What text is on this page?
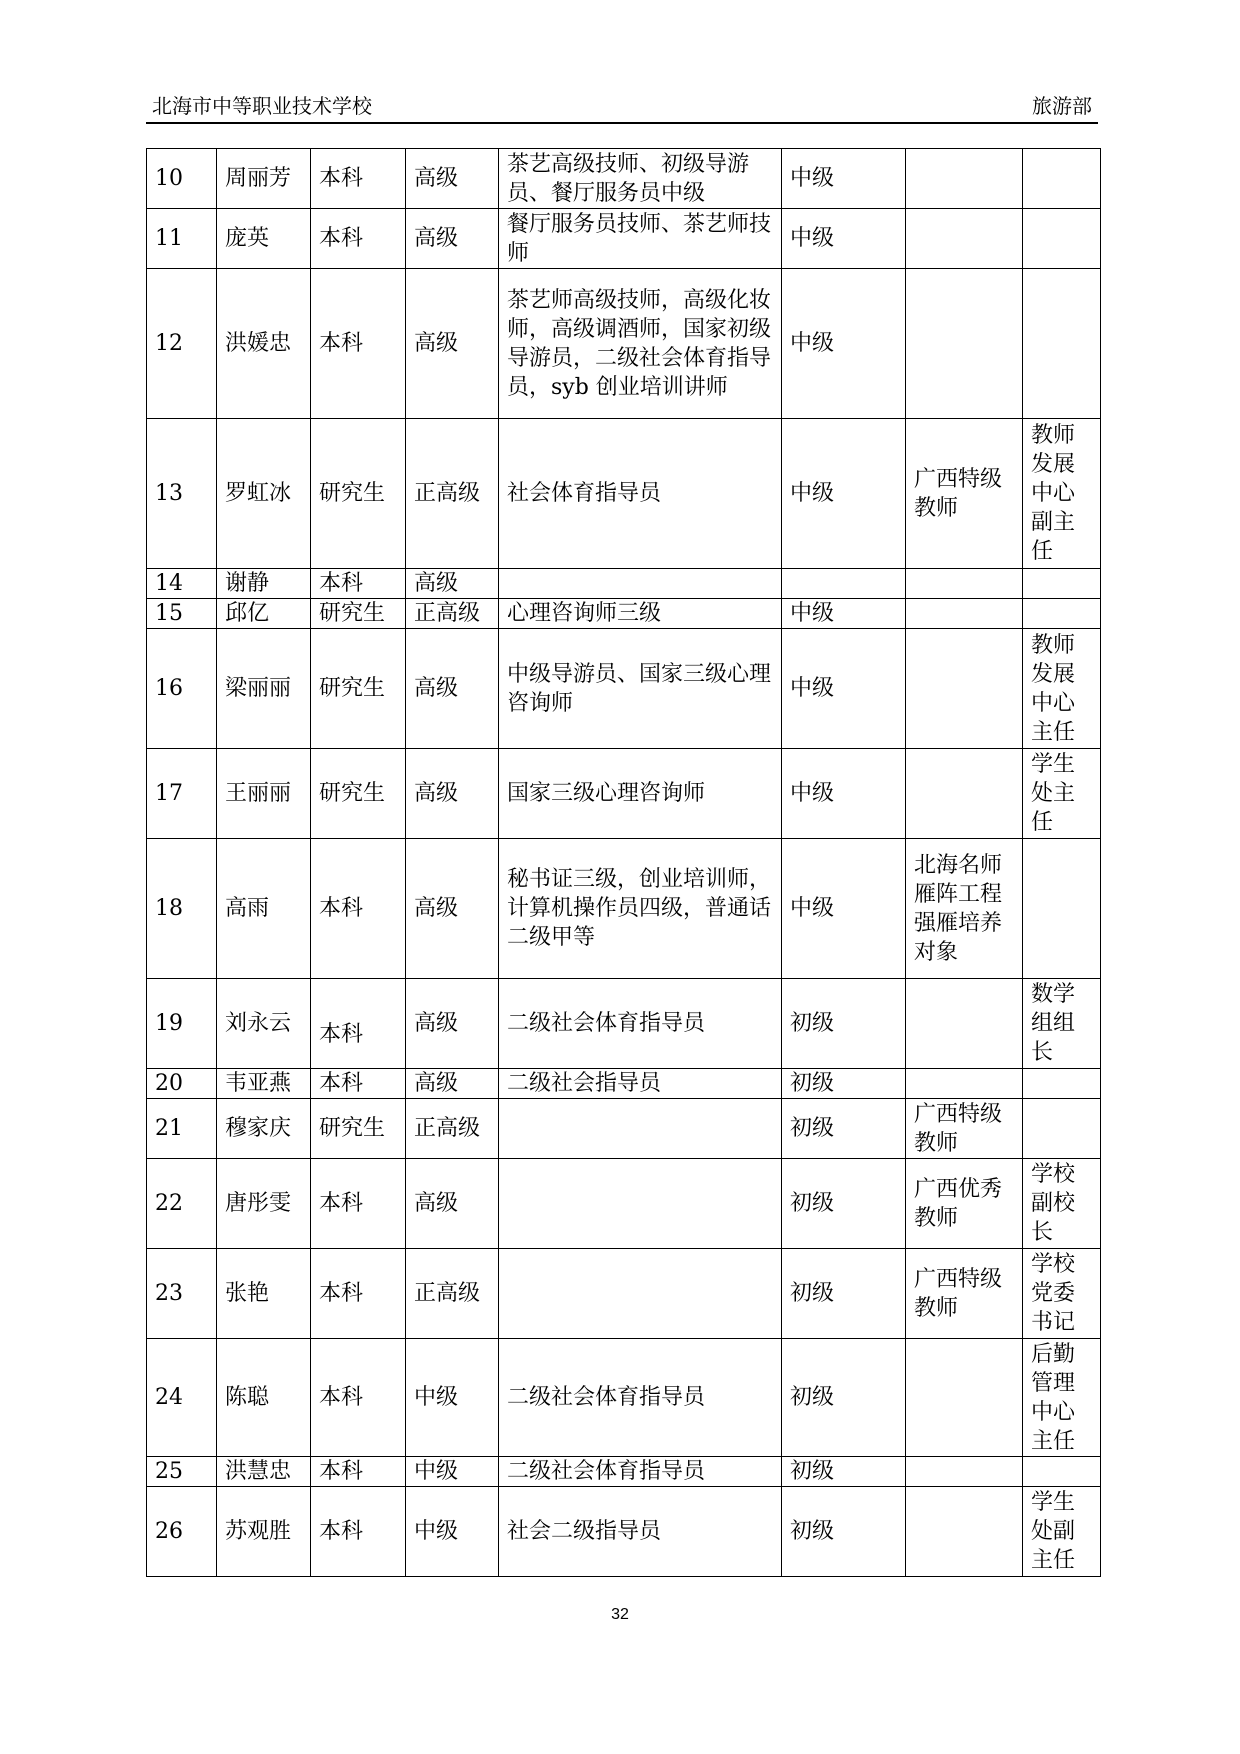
北海市中等职业技术学校	旅游部
10	周丽芳	本科	高级	茶艺高级技师、初级导游员、餐厅服务员中级	中级		
11	庞英	本科	高级	餐厅服务员技师、茶艺师技师	中级		
12	洪媛忠	本科	高级	茶艺师高级技师，高级化妆师，高级调酒师，国家初级导游员，二级社会体育指导员，syb 创业培训讲师	中级		
13	罗虹冰	研究生	正高级	社会体育指导员	中级	广西特级教师	教师发展中心副主任
14	谢静	本科	高级				
15	邱亿	研究生	正高级	心理咨询师三级	中级		
16	梁丽丽	研究生	高级	中级导游员、国家三级心理咨询师	中级		教师发展中心主任
17	王丽丽	研究生	高级	国家三级心理咨询师	中级		学生处主任
18	高雨	本科	高级	秘书证三级，创业培训师，计算机操作员四级，普通话二级甲等	中级	北海名师雁阵工程强雁培养对象	
19	刘永云	本科	高级	二级社会体育指导员	初级		数学组组长
20	韦亚燕	本科	高级	二级社会指导员	初级		
21	穆家庆	研究生	正高级		初级	广西特级教师	
22	唐彤雯	本科	高级		初级	广西优秀教师	学校副校长
23	张艳	本科	正高级		初级	广西特级教师	学校党委书记
24	陈聪	本科	中级	二级社会体育指导员	初级		后勤管理中心主任
25	洪慧忠	本科	中级	二级社会体育指导员	初级		
26	苏观胜	本科	中级	社会二级指导员	初级		学生处副主任
32
